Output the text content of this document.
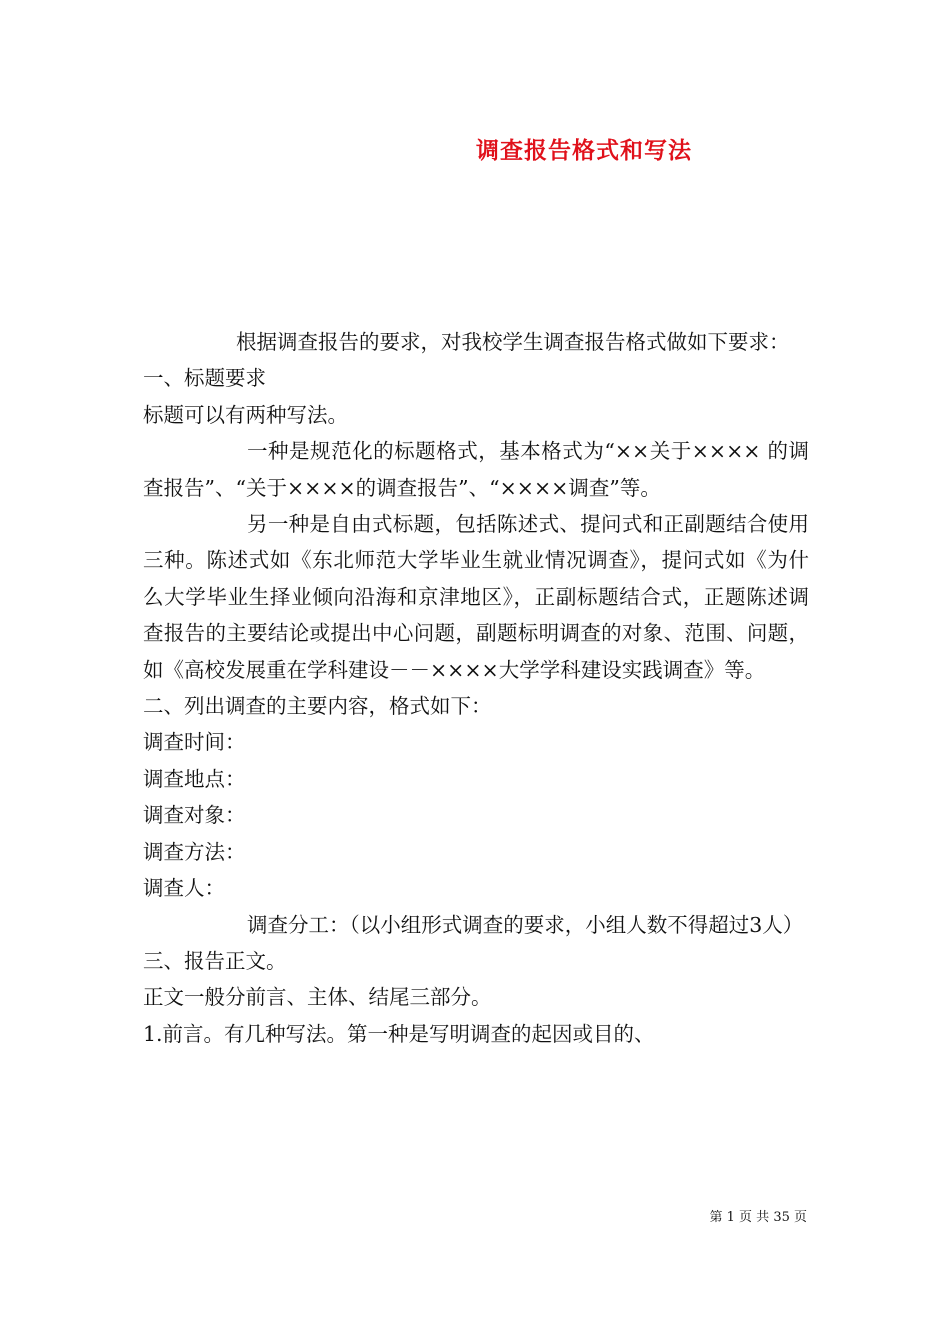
调查报告格式和写法

根据调查报告的要求，对我校学生调查报告格式做如下要求：

一、标题要求

标题可以有两种写法。

一种是规范化的标题格式，基本格式为“××关于×××× 的调查报告”、“关于××××的调查报告”、“××××调查”等。

另一种是自由式标题，包括陈述式、提问式和正副题结合使用三种。陈述式如《东北师范大学毕业生就业情况调查》，提问式如《为什么大学毕业生择业倾向沿海和京津地区》，正副标题结合式，正题陈述调查报告的主要结论或提出中心问题，副题标明调查的对象、范围、问题，如《高校发展重在学科建设－－××××大学学科建设实践调查》等。

二、列出调查的主要内容，格式如下：

调查时间：

调查地点：

调查对象：

调查方法：

调查人：

调查分工：（以小组形式调查的要求，小组人数不得超过3人）

三、报告正文。

正文一般分前言、主体、结尾三部分。

1.前言。有几种写法。第一种是写明调查的起因或目的、

第 1 页 共 35 页
